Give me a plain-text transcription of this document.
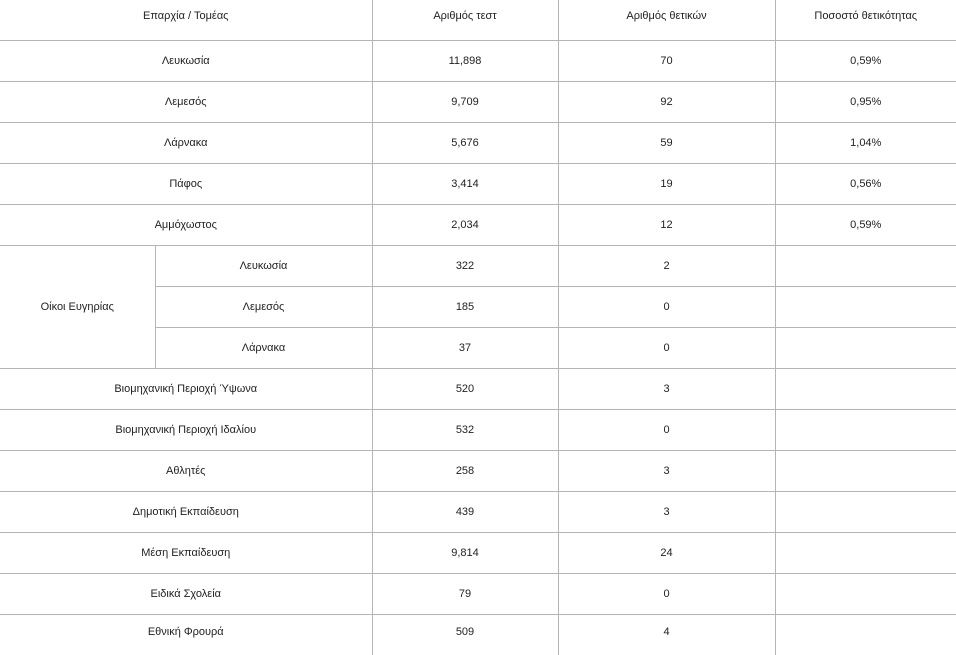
Επαρχία / Τομέας		Αριθμός τεστ	Αριθμός θετικών	Ποσοστό θετικότητας
Λευκωσία		11,898	70	0,59%
Λεμεσός		9,709	92	0,95%
Λάρνακα		5,676	59	1,04%
Πάφος		3,414	19	0,56%
Αμμόχωστος		2,034	12	0,59%
Οίκοι Ευγηρίας	Λευκωσία	322	2	
	Λεμεσός	185	0	
	Λάρνακα	37	0	
Βιομηχανική Περιοχή Ύψωνα		520	3	
Βιομηχανική Περιοχή Ιδαλίου		532	0	
Αθλητές		258	3	
Δημοτική Εκπαίδευση		439	3	
Μέση Εκπαίδευση		9,814	24	
Ειδικά Σχολεία		79	0	
Εθνική Φρουρά		509	4	
